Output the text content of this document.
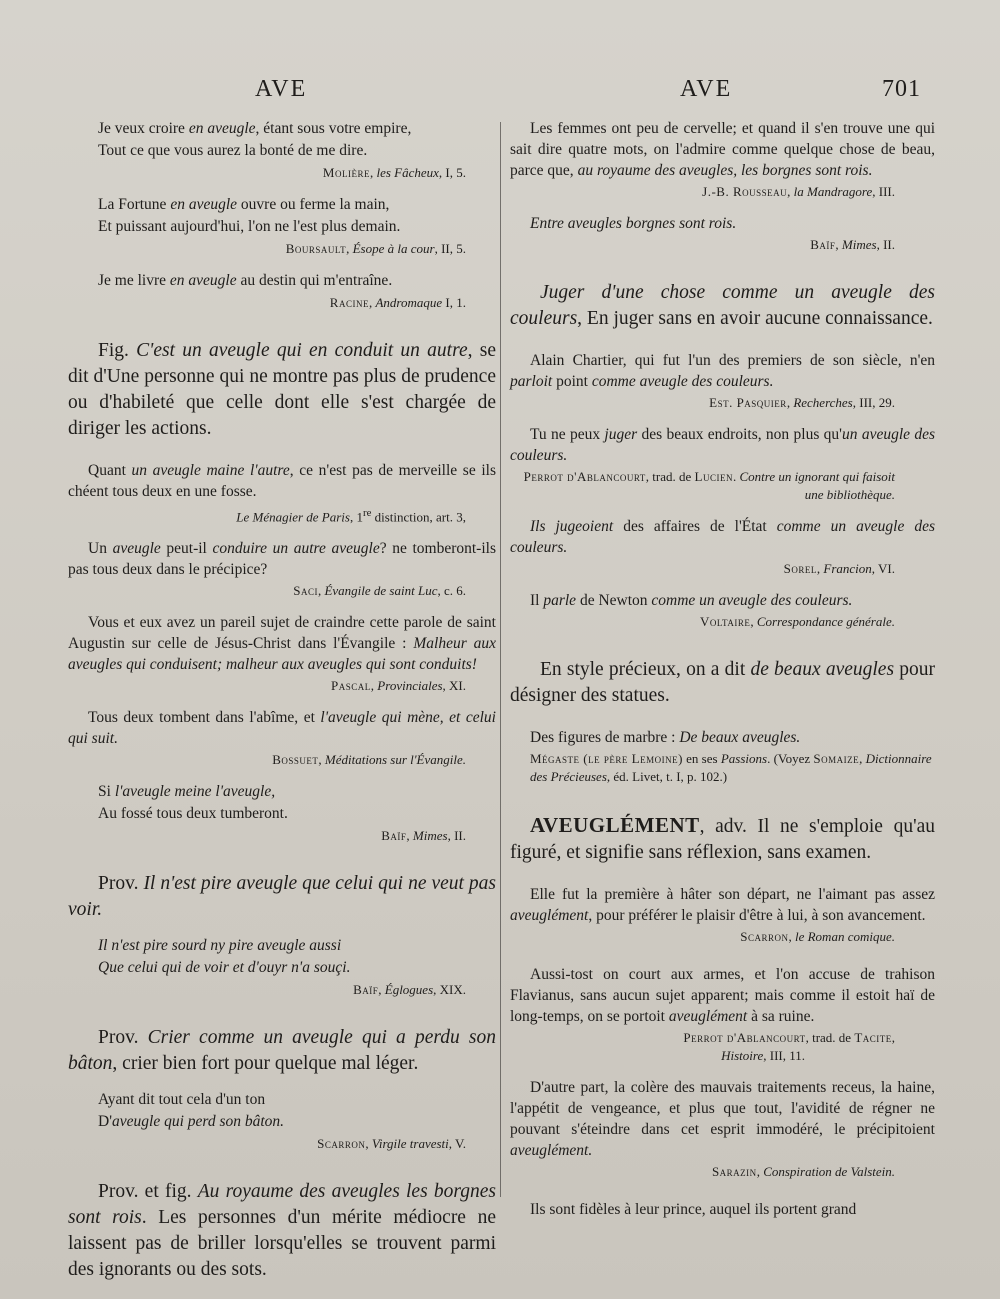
AVE	AVE	701
Je veux croire en aveugle, étant sous votre empire,
Tout ce que vous aurez la bonté de me dire.
Molière, les Fâcheux, I, 5.
La Fortune en aveugle ouvre ou ferme la main,
Et puissant aujourd'hui, l'on ne l'est plus demain.
Boursault, Ésope à la cour, II, 5.
Je me livre en aveugle au destin qui m'entraîne.
Racine, Andromaque I, 1.
Fig. C'est un aveugle qui en conduit un autre, se dit d'Une personne qui ne montre pas plus de prudence ou d'habileté que celle dont elle s'est chargée de diriger les actions.
Quant un aveugle maine l'autre, ce n'est pas de merveille se ils chéent tous deux en une fosse.
Le Ménagier de Paris, 1re distinction, art. 3,
Un aveugle peut-il conduire un autre aveugle? ne tomberont-ils pas tous deux dans le précipice?
Saci, Évangile de saint Luc, c. 6.
Vous et eux avez un pareil sujet de craindre cette parole de saint Augustin sur celle de Jésus-Christ dans l'Évangile : Malheur aux aveugles qui conduisent; malheur aux aveugles qui sont conduits!
Pascal, Provinciales, XI.
Tous deux tombent dans l'abîme, et l'aveugle qui mène, et celui qui suit.
Bossuet, Méditations sur l'Évangile.
Si l'aveugle meine l'aveugle,
Au fossé tous deux tumberont.
Baïf, Mimes, II.
Prov. Il n'est pire aveugle que celui qui ne veut pas voir.
Il n'est pire sourd ny pire aveugle aussi
Que celui qui de voir et d'ouyr n'a souçi.
Baïf, Églogues, XIX.
Prov. Crier comme un aveugle qui a perdu son bâton, crier bien fort pour quelque mal léger.
Ayant dit tout cela d'un ton
D'aveugle qui perd son bâton.
Scarron, Virgile travesti, V.
Prov. et fig. Au royaume des aveugles les borgnes sont rois. Les personnes d'un mérite médiocre ne laissent pas de briller lorsqu'elles se trouvent parmi des ignorants ou des sots.
Les femmes ont peu de cervelle; et quand il s'en trouve une qui sait dire quatre mots, on l'admire comme quelque chose de beau, parce que, au royaume des aveugles, les borgnes sont rois.
J.-B. Rousseau, la Mandragore, III.
Entre aveugles borgnes sont rois.
Baïf, Mimes, II.
Juger d'une chose comme un aveugle des couleurs, En juger sans en avoir aucune connaissance.
Alain Chartier, qui fut l'un des premiers de son siècle, n'en parloit point comme aveugle des couleurs.
Est. Pasquier, Recherches, III, 29.
Tu ne peux juger des beaux endroits, non plus qu'un aveugle des couleurs.
Perrot d'Ablancourt, trad. de Lucien. Contre un ignorant qui faisoit une bibliothèque.
Ils jugeoient des affaires de l'État comme un aveugle des couleurs.
Sorel, Francion, VI.
Il parle de Newton comme un aveugle des couleurs.
Voltaire, Correspondance générale.
En style précieux, on a dit de beaux aveugles pour désigner des statues.
Des figures de marbre : De beaux aveugles.
Mégaste (le père Lemoine) en ses Passions. (Voyez Somaize, Dictionnaire des Précieuses, éd. Livet, t. I, p. 102.)
AVEUGLÉMENT, adv. Il ne s'emploie qu'au figuré, et signifie sans réflexion, sans examen.
Elle fut la première à hâter son départ, ne l'aimant pas assez aveuglément, pour préférer le plaisir d'être à lui, à son avancement.
Scarron, le Roman comique.
Aussi-tost on court aux armes, et l'on accuse de trahison Flavianus, sans aucun sujet apparent; mais comme il estoit haï de long-temps, on se portoit aveuglément à sa ruine.
Perrot d'Ablancourt, trad. de Tacite,
Histoire, III, 11.
D'autre part, la colère des mauvais traitements receus, la haine, l'appétit de vengeance, et plus que tout, l'avidité de régner ne pouvant s'éteindre dans cet esprit immodéré, le précipitoient aveuglément.
Sarazin, Conspiration de Valstein.
Ils sont fidèles à leur prince, auquel ils portent grand
